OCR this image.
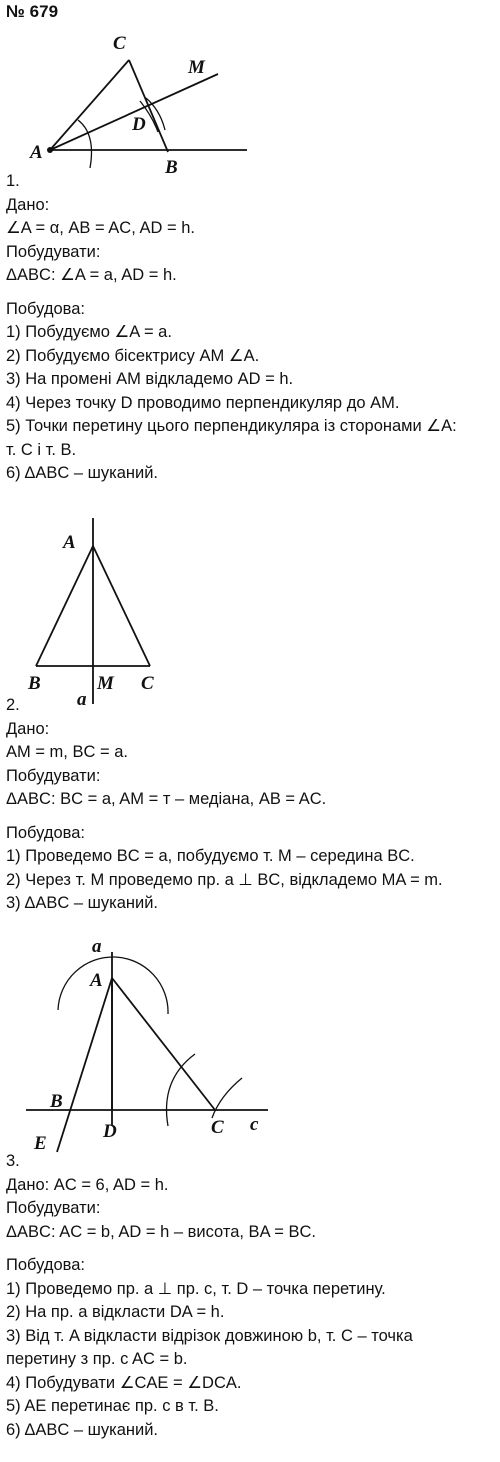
№ 679
C
M
D
A
B
1.
Дано:
∠A = α, AB = AC, AD = h.
Побудувати:
ΔABC: ∠A = a, AD = h.
Побудова:
1) Побудуємо ∠A = a.
2) Побудуємо бісектрису AM ∠A.
3) На промені AM відкладемо AD = h.
4) Через точку D проводимо перпендикуляр до AM.
5) Точки перетину цього перпендикуляра із сторонами ∠A:
т. C і т. B.
6) ΔABC – шуканий.
A
B	M C
a
2.
Дано:
AM = m, BC = a.
Побудувати:
ΔABC: BC = a, AM = т – медіана, AB = AC.
Побудова:
1) Проведемо BC = a, побудуємо т. M – середина BC.
2) Через т. M проведемо пр. a ⊥ BC, відкладемо MA = m.
3) ΔABC – шуканий.
a
A
B
E
D	C c
3.
Дано: AC = 6, AD = h.
Побудувати:
ΔABC: AC = b, AD = h – висота, BA = BC.
Побудова:
1) Проведемо пр. a ⊥ пр. c, т. D – точка перетину.
2) На пр. a відкласти DA = h.
3) Від т. A відкласти відрізок довжиною b, т. C – точка
перетину з пр. c AC = b.
4) Побудувати ∠CAE = ∠DCA.
5) AE перетинає пр. c в т. B.
6) ΔABC – шуканий.
